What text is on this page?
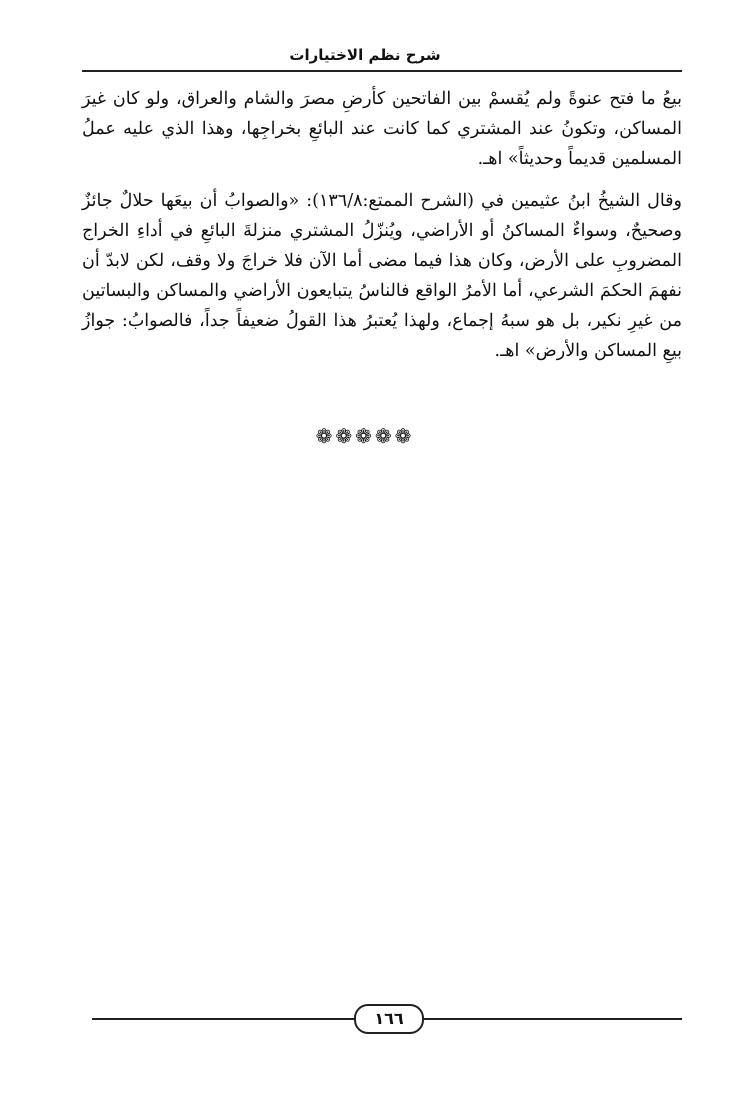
شرح نظم الاختيارات

بيعُ ما فتح عنوةً ولم يُقسمْ بين الفاتحين كأرضِ مصرَ والشام والعراق، ولو كان غيرَ المساكن، وتكونُ عند المشتري كما كانت عند البائعِ بخراجِها، وهذا الذي عليه عملُ المسلمين قديماً وحديثاً» اهـ.

وقال الشيخُ ابنُ عثيمين في (الشرح الممتع:١٣٦/٨): «والصوابُ أن بيعَها حلالٌ جائزٌ وصحيحٌ، وسواءٌ المساكنُ أو الأراضي، ويُنزّلُ المشتري منزلةَ البائعِ في أداءِ الخراج المضروبِ على الأرض، وكان هذا فيما مضى أما الآن فلا خراجَ ولا وقف، لكن لابدّ أن نفهمَ الحكمَ الشرعي، أما الأمرُ الواقع فالناسُ يتبايعون الأراضي والمساكن والبساتين من غيرِ نكير، بل هو سبهُ إجماع، ولهذا يُعتبرُ هذا القولُ ضعيفاً جداً، فالصوابُ: جوازُ بيعِ المساكن والأرض» اهـ.

❁❁❁❁❁
١٦٦
